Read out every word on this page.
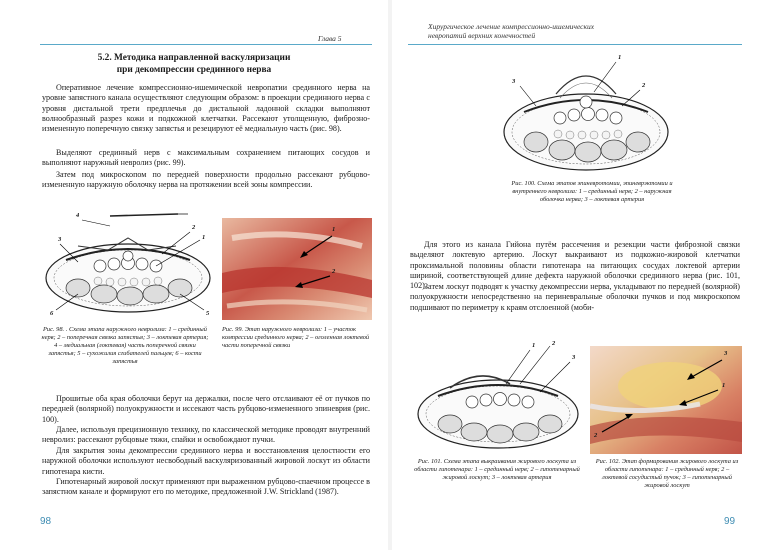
Глава 5
5.2. Методика направленной васкуляризации
при декомпрессии срединного нерва

Оперативное лечение компрессионно-ишемической невропатии срединного нерва на уровне запястного канала осуществляют следующим образом: в проекции срединного нерва с уровня дистальной трети предплечья до дистальной ладонной складки выполняют волнообразный разрез кожи и подкожной клетчатки. Рассекают утолщенную, фиброзно-измененную поперечную связку запястья и резецируют её медиальную часть (рис. 98).

Выделяют срединный нерв с максимальным сохранением питающих сосудов и выполняют наружный невролиз (рис. 99).

Затем под микроскопом по передней поверхности продольно рассекают рубцово-измененную наружную оболочку нерва на протяжении всей зоны компрессии.

4
3
2
1
6	5
1
2

Рис. 98. . Схема этапа наружного невролиза: 1 – срединный нерв; 2 – поперечная связка запястья; 3 – локтевая артерия; 4 – медиальная (локтевая) часть поперечной связки запястья; 5 – сухожилия сгибателей пальцев; 6 – кости запястья

Рис. 99. Этап наружного невролиза: 1 – участок компрессии срединного нерва; 2 – оголенная локтевой части поперечной связки

Прошитые оба края оболочки берут на держалки, после чего отслаивают её от пучков по передней (волярной) полуокружности и иссекают часть рубцово-измененного эпиневрия (рис. 100).

Далее, используя прецизионную технику, по классической методике проводят внутренний невролиз: рассекают рубцовые тяжи, спайки и освобождают пучки.

Для закрытия зоны декомпрессии срединного нерва и восстановления целостности его наружной оболочки используют несвободный васкуляризованный жировой лоскут из области гипотенара кисти.

Гипотенарный жировой лоскут применяют при выраженном рубцово-спаечном процессе в запястном канале и формируют его по методике, предложенной J.W. Strickland (1987).

98
Хирургическое лечение компрессионно-ишемических
невропатий верхних конечностей
1
3
2

Рис. 100. Схема этапов эпиневротомии, эпиневрэктомии и внутреннего невролиза: 1 – срединный нерв; 2 – наружная оболочка нерва; 3 – локтевая артерия

Для этого из канала Гийона путём рассечения и резекции части фиброзной связки выделяют локтевую артерию. Лоскут выкраивают из подкожно-жировой клетчатки проксимальной половины области гипотенара на питающих сосудах локтевой артерии шириной, соответствующей длине дефекта наружной оболочки срединного нерва (рис. 101, 102).

Затем лоскут подводят к участку декомпрессии нерва, укладывают по передней (волярной) полуокружности непосредственно на периневральные оболочки пучков и под микроскопом подшивают по периметру к краям отслоенной (моби-

1	2
3
3
1
2

Рис. 101. Схема этапа выкраивания жирового лоскута из области гипотенара: 1 – срединный нерв; 2 – гипотенарный жировой лоскут; 3 – локтевая артерия

Рис. 102. Этап формирования жирового лоскута из области гипотенара: 1 – срединный нерв; 2 – локтевой сосудистый пучок; 3 – гипотенарный жировой лоскут

99
